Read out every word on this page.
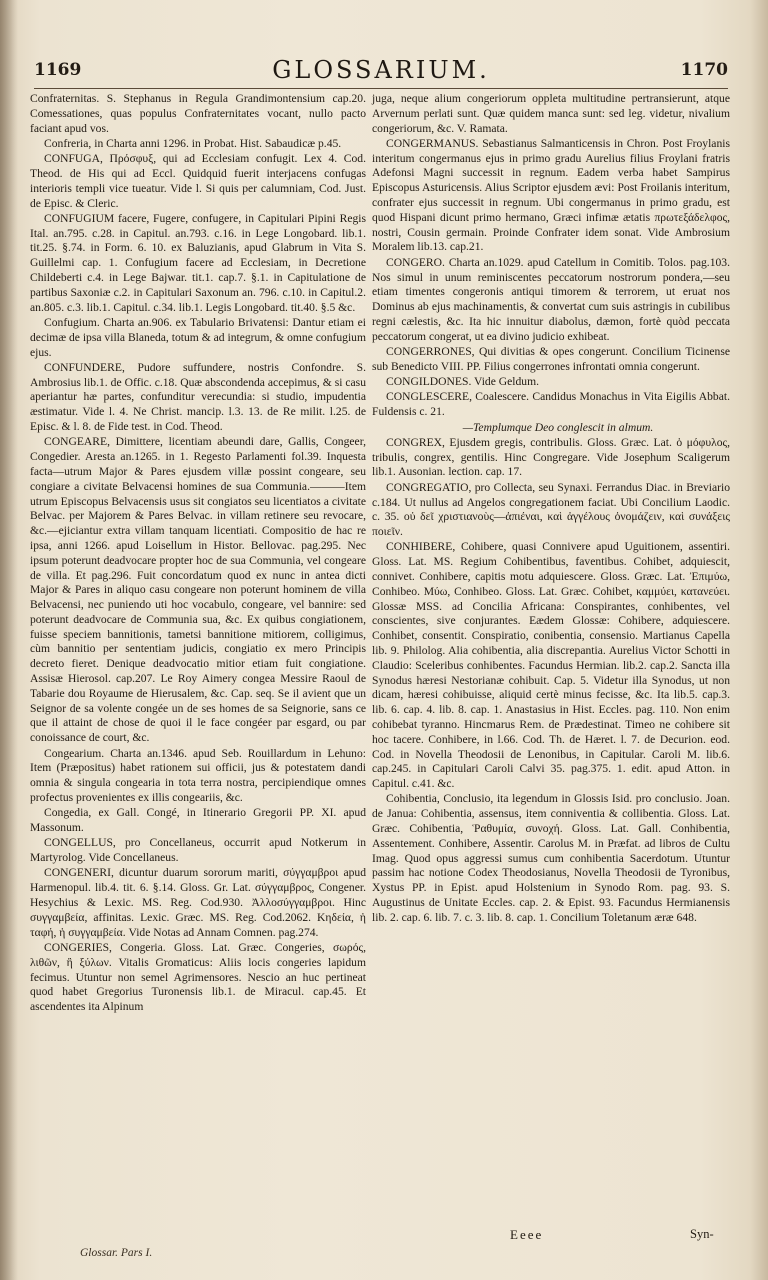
1169	GLOSSARIUM.	1170

Confraternitas. S. Stephanus in Regula Grandimontensium cap.20. Comessationes, quas populus Confraternitates vocant, nullo pacto faciant apud vos.

Confreria, in Charta anni 1296. in Probat. Hist. Sabaudicæ p.45.

CONFUGA, Πρόσφυξ, qui ad Ecclesiam confugit. Lex 4. Cod. Theod. de His qui ad Eccl. Quidquid fuerit interjacens confugas interioris templi vice tueatur. Vide l. Si quis per calumniam, Cod. Just. de Episc. & Cleric.

CONFUGIUM facere, Fugere, confugere, in Capitulari Pipini Regis Ital. an.795. c.28. in Capitul. an.793. c.16. in Lege Longobard. lib.1. tit.25. §.74. in Form. 6. 10. ex Baluzianis, apud Glabrum in Vita S. Guillelmi cap. 1. Confugium facere ad Ecclesiam, in Decretione Childeberti c.4. in Lege Bajwar. tit.1. cap.7. §.1. in Capitulatione de partibus Saxoniæ c.2. in Capitulari Saxonum an. 796. c.10. in Capitul.2. an.805. c.3. lib.1. Capitul. c.34. lib.1. Legis Longobard. tit.40. §.5 &c.

Confugium. Charta an.906. ex Tabulario Brivatensi: Dantur etiam ei decimæ de ipsa villa Blaneda, totum & ad integrum, & omne confugium ejus.

CONFUNDERE, Pudore suffundere, nostris Confondre. S. Ambrosius lib.1. de Offic. c.18. Quæ abscondenda accepimus, & si casu aperiantur hæ partes, confunditur verecundia: si studio, impudentia æstimatur. Vide l. 4. Ne Christ. mancip. l.3. 13. de Re milit. l.25. de Episc. & l. 8. de Fide test. in Cod. Theod.

CONGEARE, Dimittere, licentiam abeundi dare, Gallis, Congeer, Congedier. Aresta an.1265. in 1. Regesto Parlamenti fol.39. Inquesta facta—utrum Major & Pares ejusdem villæ possint congeare, seu congiare a civitate Belvacensi homines de sua Communia.———Item utrum Episcopus Belvacensis usus sit congiatos seu licentiatos a civitate Belvac. per Majorem & Pares Belvac. in villam retinere seu revocare, &c.—ejiciantur extra villam tanquam licentiati. Compositio de hac re ipsa, anni 1266. apud Loisellum in Histor. Bellovac. pag.295. Nec ipsum poterunt deadvocare propter hoc de sua Communia, vel congeare de villa. Et pag.296. Fuit concordatum quod ex nunc in antea dicti Major & Pares in aliquo casu congeare non poterunt hominem de villa Belvacensi, nec puniendo uti hoc vocabulo, congeare, vel bannire: sed poterunt deadvocare de Communia sua, &c. Ex quibus congiationem, fuisse speciem bannitionis, tametsi bannitione mitiorem, colligimus, cùm bannitio per sententiam judicis, congiatio ex mero Principis decreto fieret. Denique deadvocatio mitior etiam fuit congiatione. Assisæ Hierosol. cap.207. Le Roy Aimery congea Messire Raoul de Tabarie dou Royaume de Hierusalem, &c. Cap. seq. Se il avient que un Seignor de sa volente congée un de ses homes de sa Seignorie, sans ce que il attaint de chose de quoi il le face congéer par esgard, ou par conoissance de court, &c.

Congearium. Charta an.1346. apud Seb. Rouillardum in Lehuno: Item (Præpositus) habet rationem sui officii, jus & potestatem dandi omnia & singula congearia in tota terra nostra, percipiendique omnes profectus provenientes ex illis congeariis, &c.

Congedia, ex Gall. Congé, in Itinerario Gregorii PP. XI. apud Massonum.

CONGELLUS, pro Concellaneus, occurrit apud Notkerum in Martyrolog. Vide Concellaneus.

CONGENERI, dicuntur duarum sororum mariti, σύγγαμβροι apud Harmenopul. lib.4. tit. 6. §.14. Gloss. Gr. Lat. σύγγαμβρος, Congener. Hesychius & Lexic. MS. Reg. Cod.930. Ἀλλοσύγγαμβροι. Hinc συγγαμβεία, affinitas. Lexic. Græc. MS. Reg. Cod.2062. Κηδεία, ἡ ταφή, ἡ συγγαμβεία. Vide Notas ad Annam Comnen. pag.274.

CONGERIES, Congeria. Gloss. Lat. Græc. Congeries, σωρός, λιθῶν, ἢ ξύλων. Vitalis Gromaticus: Aliis locis congeries lapidum fecimus. Utuntur non semel Agrimensores. Nescio an huc pertineat quod habet Gregorius Turonensis lib.1. de Miracul. cap.45. Et ascendentes ita Alpinum

juga, neque alium congeriorum oppleta multitudine pertransierunt, atque Arvernum perlati sunt. Quæ quidem manca sunt: sed leg. videtur, nivalium congeriorum, &c. V. Ramata.

CONGERMANUS. Sebastianus Salmanticensis in Chron. Post Froylanis interitum congermanus ejus in primo gradu Aurelius filius Froylani fratris Adefonsi Magni successit in regnum. Eadem verba habet Sampirus Episcopus Asturicensis. Alius Scriptor ejusdem ævi: Post Froilanis interitum, confrater ejus successit in regnum. Ubi congermanus in primo gradu, est quod Hispani dicunt primo hermano, Græci infimæ ætatis πρωτεξάδελφος, nostri, Cousin germain. Proinde Confrater idem sonat. Vide Ambrosium Moralem lib.13. cap.21.

CONGERO. Charta an.1029. apud Catellum in Comitib. Tolos. pag.103. Nos simul in unum reminiscentes peccatorum nostrorum pondera,—seu etiam timentes congeronis antiqui timorem & terrorem, ut eruat nos Dominus ab ejus machinamentis, & convertat cum suis astringis in cubilibus regni cælestis, &c. Ita hic innuitur diabolus, dæmon, fortè quòd peccata peccatorum congerat, ut ea divino judicio exhibeat.

CONGERRONES, Qui divitias & opes congerunt. Concilium Ticinense sub Benedicto VIII. PP. Filius congerrones infrontati omnia congerunt.

CONGILDONES. Vide Geldum.

CONGLESCERE, Coalescere. Candidus Monachus in Vita Eigilis Abbat. Fuldensis c. 21.

—Templumque Deo conglescit in almum.

CONGREX, Ejusdem gregis, contribulis. Gloss. Græc. Lat. ὁ μόφυλος, tribulis, congrex, gentilis. Hinc Congregare. Vide Josephum Scaligerum lib.1. Ausonian. lection. cap. 17.

CONGREGATIO, pro Collecta, seu Synaxi. Ferrandus Diac. in Breviario c.184. Ut nullus ad Angelos congregationem faciat. Ubi Concilium Laodic. c. 35. οὐ δεῖ χριστιανοὺς—ἀπιέναι, καὶ ἀγγέλους ὀνομάζειν, καὶ συνάξεις ποιεῖν.

CONHIBERE, Cohibere, quasi Connivere apud Uguitionem, assentiri. Gloss. Lat. MS. Regium Cohibentibus, faventibus. Cohibet, adquiescit, connivet. Conhibere, capitis motu adquiescere. Gloss. Græc. Lat. Ἐπιμύω, Conhibeo. Μύω, Conhibeo. Gloss. Lat. Græc. Cohibet, καμμύει, κατανεύει. Glossæ MSS. ad Concilia Africana: Conspirantes, conhibentes, vel conscientes, sive conjurantes. Eædem Glossæ: Cohibere, adquiescere. Conhibet, consentit. Conspiratio, conibentia, consensio. Martianus Capella lib. 9. Philolog. Alia cohibentia, alia discrepantia. Aurelius Victor Schotti in Claudio: Sceleribus conhibentes. Facundus Hermian. lib.2. cap.2. Sancta illa Synodus hæresi Nestorianæ cohibuit. Cap. 5. Videtur illa Synodus, ut non dicam, hæresi cohibuisse, aliquid certè minus fecisse, &c. Ita lib.5. cap.3. lib. 6. cap. 4. lib. 8. cap. 1. Anastasius in Hist. Eccles. pag. 110. Non enim cohibebat tyranno. Hincmarus Rem. de Prædestinat. Timeo ne cohibere sit hoc tacere. Conhibere, in l.66. Cod. Th. de Hæret. l. 7. de Decurion. eod. Cod. in Novella Theodosii de Lenonibus, in Capitular. Caroli M. lib.6. cap.245. in Capitulari Caroli Calvi 35. pag.375. 1. edit. apud Atton. in Capitul. c.41. &c.

Cohibentia, Conclusio, ita legendum in Glossis Isid. pro conclusio. Joan. de Janua: Cohibentia, assensus, item conniventia & collibentia. Gloss. Lat. Græc. Cohibentia, Ῥαθυμία, συνοχή. Gloss. Lat. Gall. Conhibentia, Assentement. Conhibere, Assentir. Carolus M. in Præfat. ad libros de Cultu Imag. Quod opus aggressi sumus cum conhibentia Sacerdotum. Utuntur passim hac notione Codex Theodosianus, Novella Theodosii de Tyronibus, Xystus PP. in Epist. apud Holstenium in Synodo Rom. pag. 93. S. Augustinus de Unitate Eccles. cap. 2. & Epist. 93. Facundus Hermianensis lib. 2. cap. 6. lib. 7. c. 3. lib. 8. cap. 1. Concilium Toletanum æræ 648.

Eeee	Syn-
Glossar. Pars I.
